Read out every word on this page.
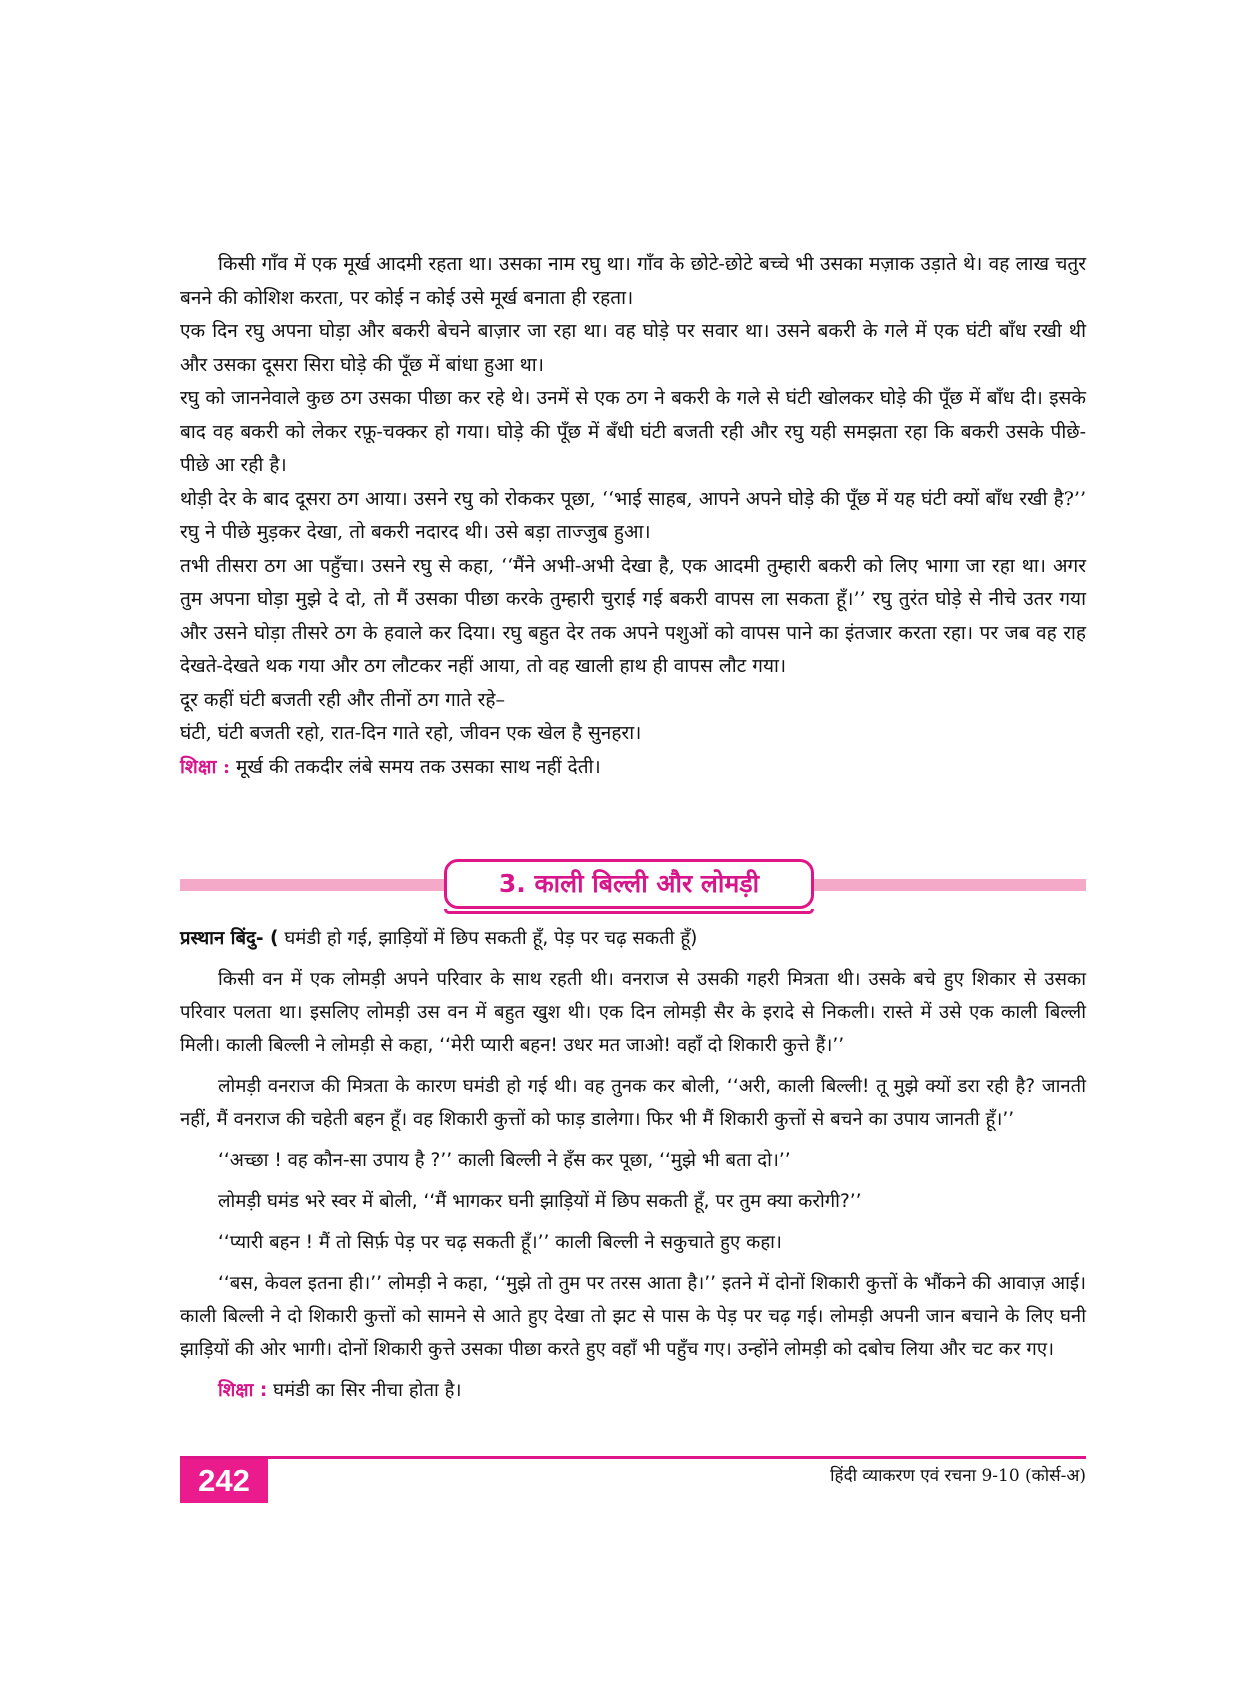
किसी गाँव में एक मूर्ख आदमी रहता था। उसका नाम रघु था। गाँव के छोटे-छोटे बच्चे भी उसका मज़ाक उड़ाते थे। वह लाख चतुर बनने की कोशिश करता, पर कोई न कोई उसे मूर्ख बनाता ही रहता।

एक दिन रघु अपना घोड़ा और बकरी बेचने बाज़ार जा रहा था। वह घोड़े पर सवार था। उसने बकरी के गले में एक घंटी बाँध रखी थी और उसका दूसरा सिरा घोड़े की पूँछ में बांधा हुआ था।

रघु को जाननेवाले कुछ ठग उसका पीछा कर रहे थे। उनमें से एक ठग ने बकरी के गले से घंटी खोलकर घोड़े की पूँछ में बाँध दी। इसके बाद वह बकरी को लेकर रफ़ू-चक्कर हो गया। घोड़े की पूँछ में बँधी घंटी बजती रही और रघु यही समझता रहा कि बकरी उसके पीछे-पीछे आ रही है।

थोड़ी देर के बाद दूसरा ठग आया। उसने रघु को रोककर पूछा, ‘‘भाई साहब, आपने अपने घोड़े की पूँछ में यह घंटी क्यों बाँध रखी है?’’ रघु ने पीछे मुड़कर देखा, तो बकरी नदारद थी। उसे बड़ा ताज्जुब हुआ।

तभी तीसरा ठग आ पहुँचा। उसने रघु से कहा, ‘‘मैंने अभी-अभी देखा है, एक आदमी तुम्हारी बकरी को लिए भागा जा रहा था। अगर तुम अपना घोड़ा मुझे दे दो, तो मैं उसका पीछा करके तुम्हारी चुराई गई बकरी वापस ला सकता हूँ।’’ रघु तुरंत घोड़े से नीचे उतर गया और उसने घोड़ा तीसरे ठग के हवाले कर दिया। रघु बहुत देर तक अपने पशुओं को वापस पाने का इंतजार करता रहा। पर जब वह राह देखते-देखते थक गया और ठग लौटकर नहीं आया, तो वह खाली हाथ ही वापस लौट गया।

दूर कहीं घंटी बजती रही और तीनों ठग गाते रहे–

घंटी, घंटी बजती रहो, रात-दिन गाते रहो, जीवन एक खेल है सुनहरा।

शिक्षा : मूर्ख की तकदीर लंबे समय तक उसका साथ नहीं देती।

3. काली बिल्ली और लोमड़ी
प्रस्थान बिंदु- ( घमंडी हो गई, झाड़ियों में छिप सकती हूँ, पेड़ पर चढ़ सकती हूँ)

किसी वन में एक लोमड़ी अपने परिवार के साथ रहती थी। वनराज से उसकी गहरी मित्रता थी। उसके बचे हुए शिकार से उसका परिवार पलता था। इसलिए लोमड़ी उस वन में बहुत खुश थी। एक दिन लोमड़ी सैर के इरादे से निकली। रास्ते में उसे एक काली बिल्ली मिली। काली बिल्ली ने लोमड़ी से कहा, ‘‘मेरी प्यारी बहन! उधर मत जाओ! वहाँ दो शिकारी कुत्ते हैं।’’

लोमड़ी वनराज की मित्रता के कारण घमंडी हो गई थी। वह तुनक कर बोली, ‘‘अरी, काली बिल्ली! तू मुझे क्यों डरा रही है? जानती नहीं, मैं वनराज की चहेती बहन हूँ। वह शिकारी कुत्तों को फाड़ डालेगा। फिर भी मैं शिकारी कुत्तों से बचने का उपाय जानती हूँ।’’

‘‘अच्छा ! वह कौन-सा उपाय है ?’’ काली बिल्ली ने हँस कर पूछा, ‘‘मुझे भी बता दो।’’

लोमड़ी घमंड भरे स्वर में बोली, ‘‘मैं भागकर घनी झाड़ियों में छिप सकती हूँ, पर तुम क्या करोगी?’’

‘‘प्यारी बहन ! मैं तो सिर्फ़ पेड़ पर चढ़ सकती हूँ।’’ काली बिल्ली ने सकुचाते हुए कहा।

‘‘बस, केवल इतना ही।’’ लोमड़ी ने कहा, ‘‘मुझे तो तुम पर तरस आता है।’’ इतने में दोनों शिकारी कुत्तों के भौंकने की आवाज़ आई। काली बिल्ली ने दो शिकारी कुत्तों को सामने से आते हुए देखा तो झट से पास के पेड़ पर चढ़ गई। लोमड़ी अपनी जान बचाने के लिए घनी झाड़ियों की ओर भागी। दोनों शिकारी कुत्ते उसका पीछा करते हुए वहाँ भी पहुँच गए। उन्होंने लोमड़ी को दबोच लिया और चट कर गए।

शिक्षा : घमंडी का सिर नीचा होता है।

242	हिंदी व्याकरण एवं रचना 9-10 (कोर्स-अ)
